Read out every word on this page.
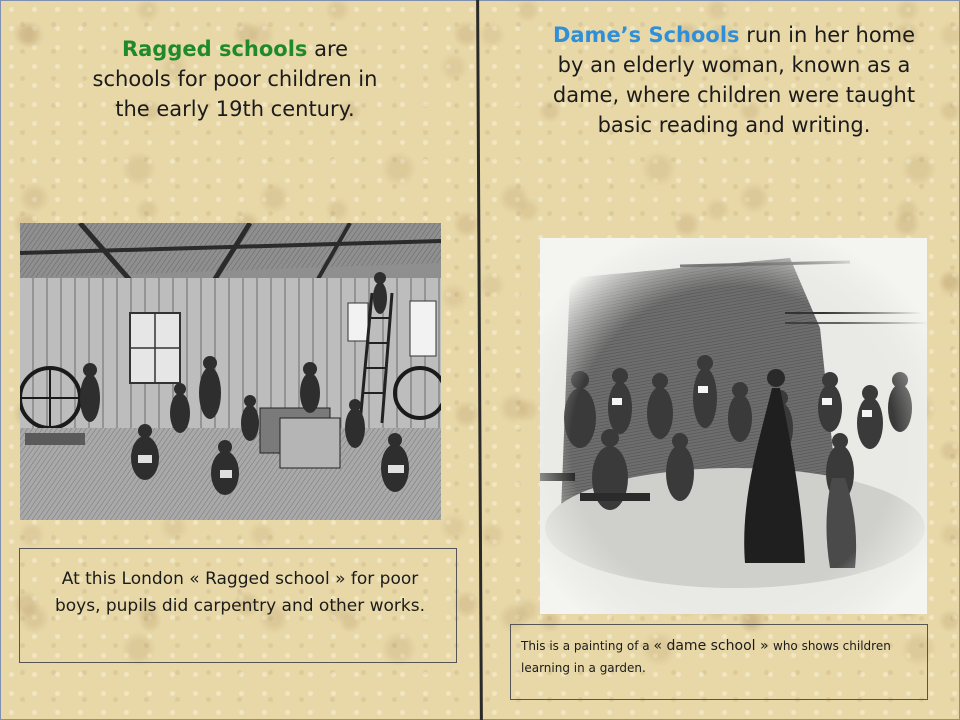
Ragged schools are schools for poor children in the early 19th century.
At this London « Ragged school » for poor boys, pupils did carpentry and other works.
Dame’s Schools run in her home by an elderly woman, known as a dame, where children were taught basic reading and writing.
This is a painting of a « dame school » who shows children learning in a garden.
